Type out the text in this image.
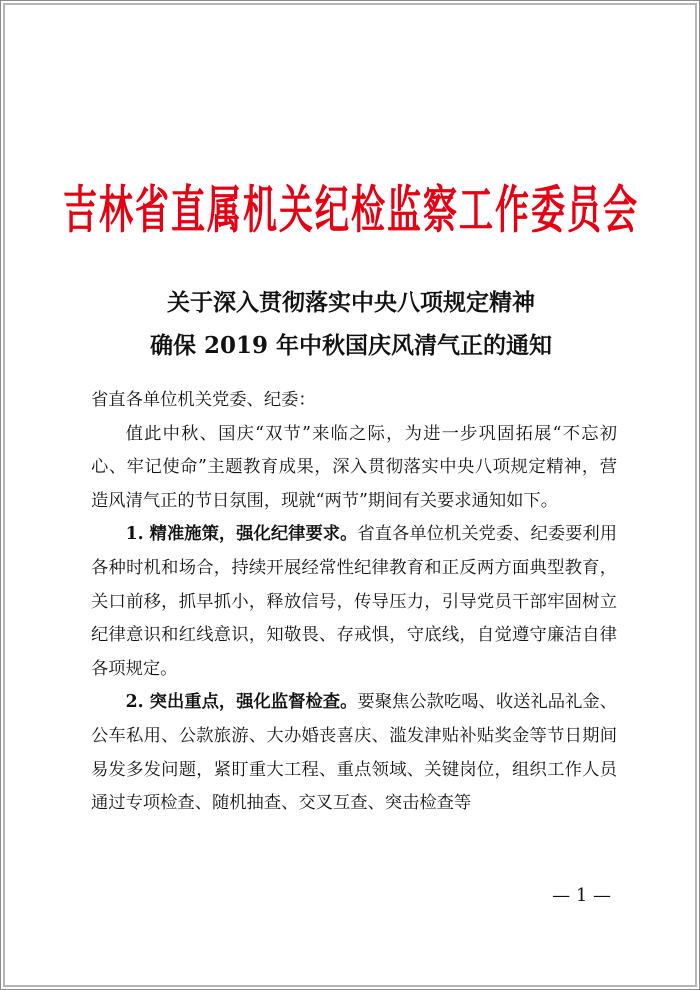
吉林省直属机关纪检监察工作委员会
关于深入贯彻落实中央八项规定精神
确保 2019 年中秋国庆风清气正的通知

省直各单位机关党委、纪委：

值此中秋、国庆“双节”来临之际，为进一步巩固拓展“不忘初心、牢记使命”主题教育成果，深入贯彻落实中央八项规定精神，营造风清气正的节日氛围，现就“两节”期间有关要求通知如下。

1. 精准施策，强化纪律要求。省直各单位机关党委、纪委要利用各种时机和场合，持续开展经常性纪律教育和正反两方面典型教育，关口前移，抓早抓小，释放信号，传导压力，引导党员干部牢固树立纪律意识和红线意识，知敬畏、存戒惧，守底线，自觉遵守廉洁自律各项规定。

2. 突出重点，强化监督检查。要聚焦公款吃喝、收送礼品礼金、公车私用、公款旅游、大办婚丧喜庆、滥发津贴补贴奖金等节日期间易发多发问题，紧盯重大工程、重点领域、关键岗位，组织工作人员通过专项检查、随机抽查、交叉互查、突击检查等

— 1 —
